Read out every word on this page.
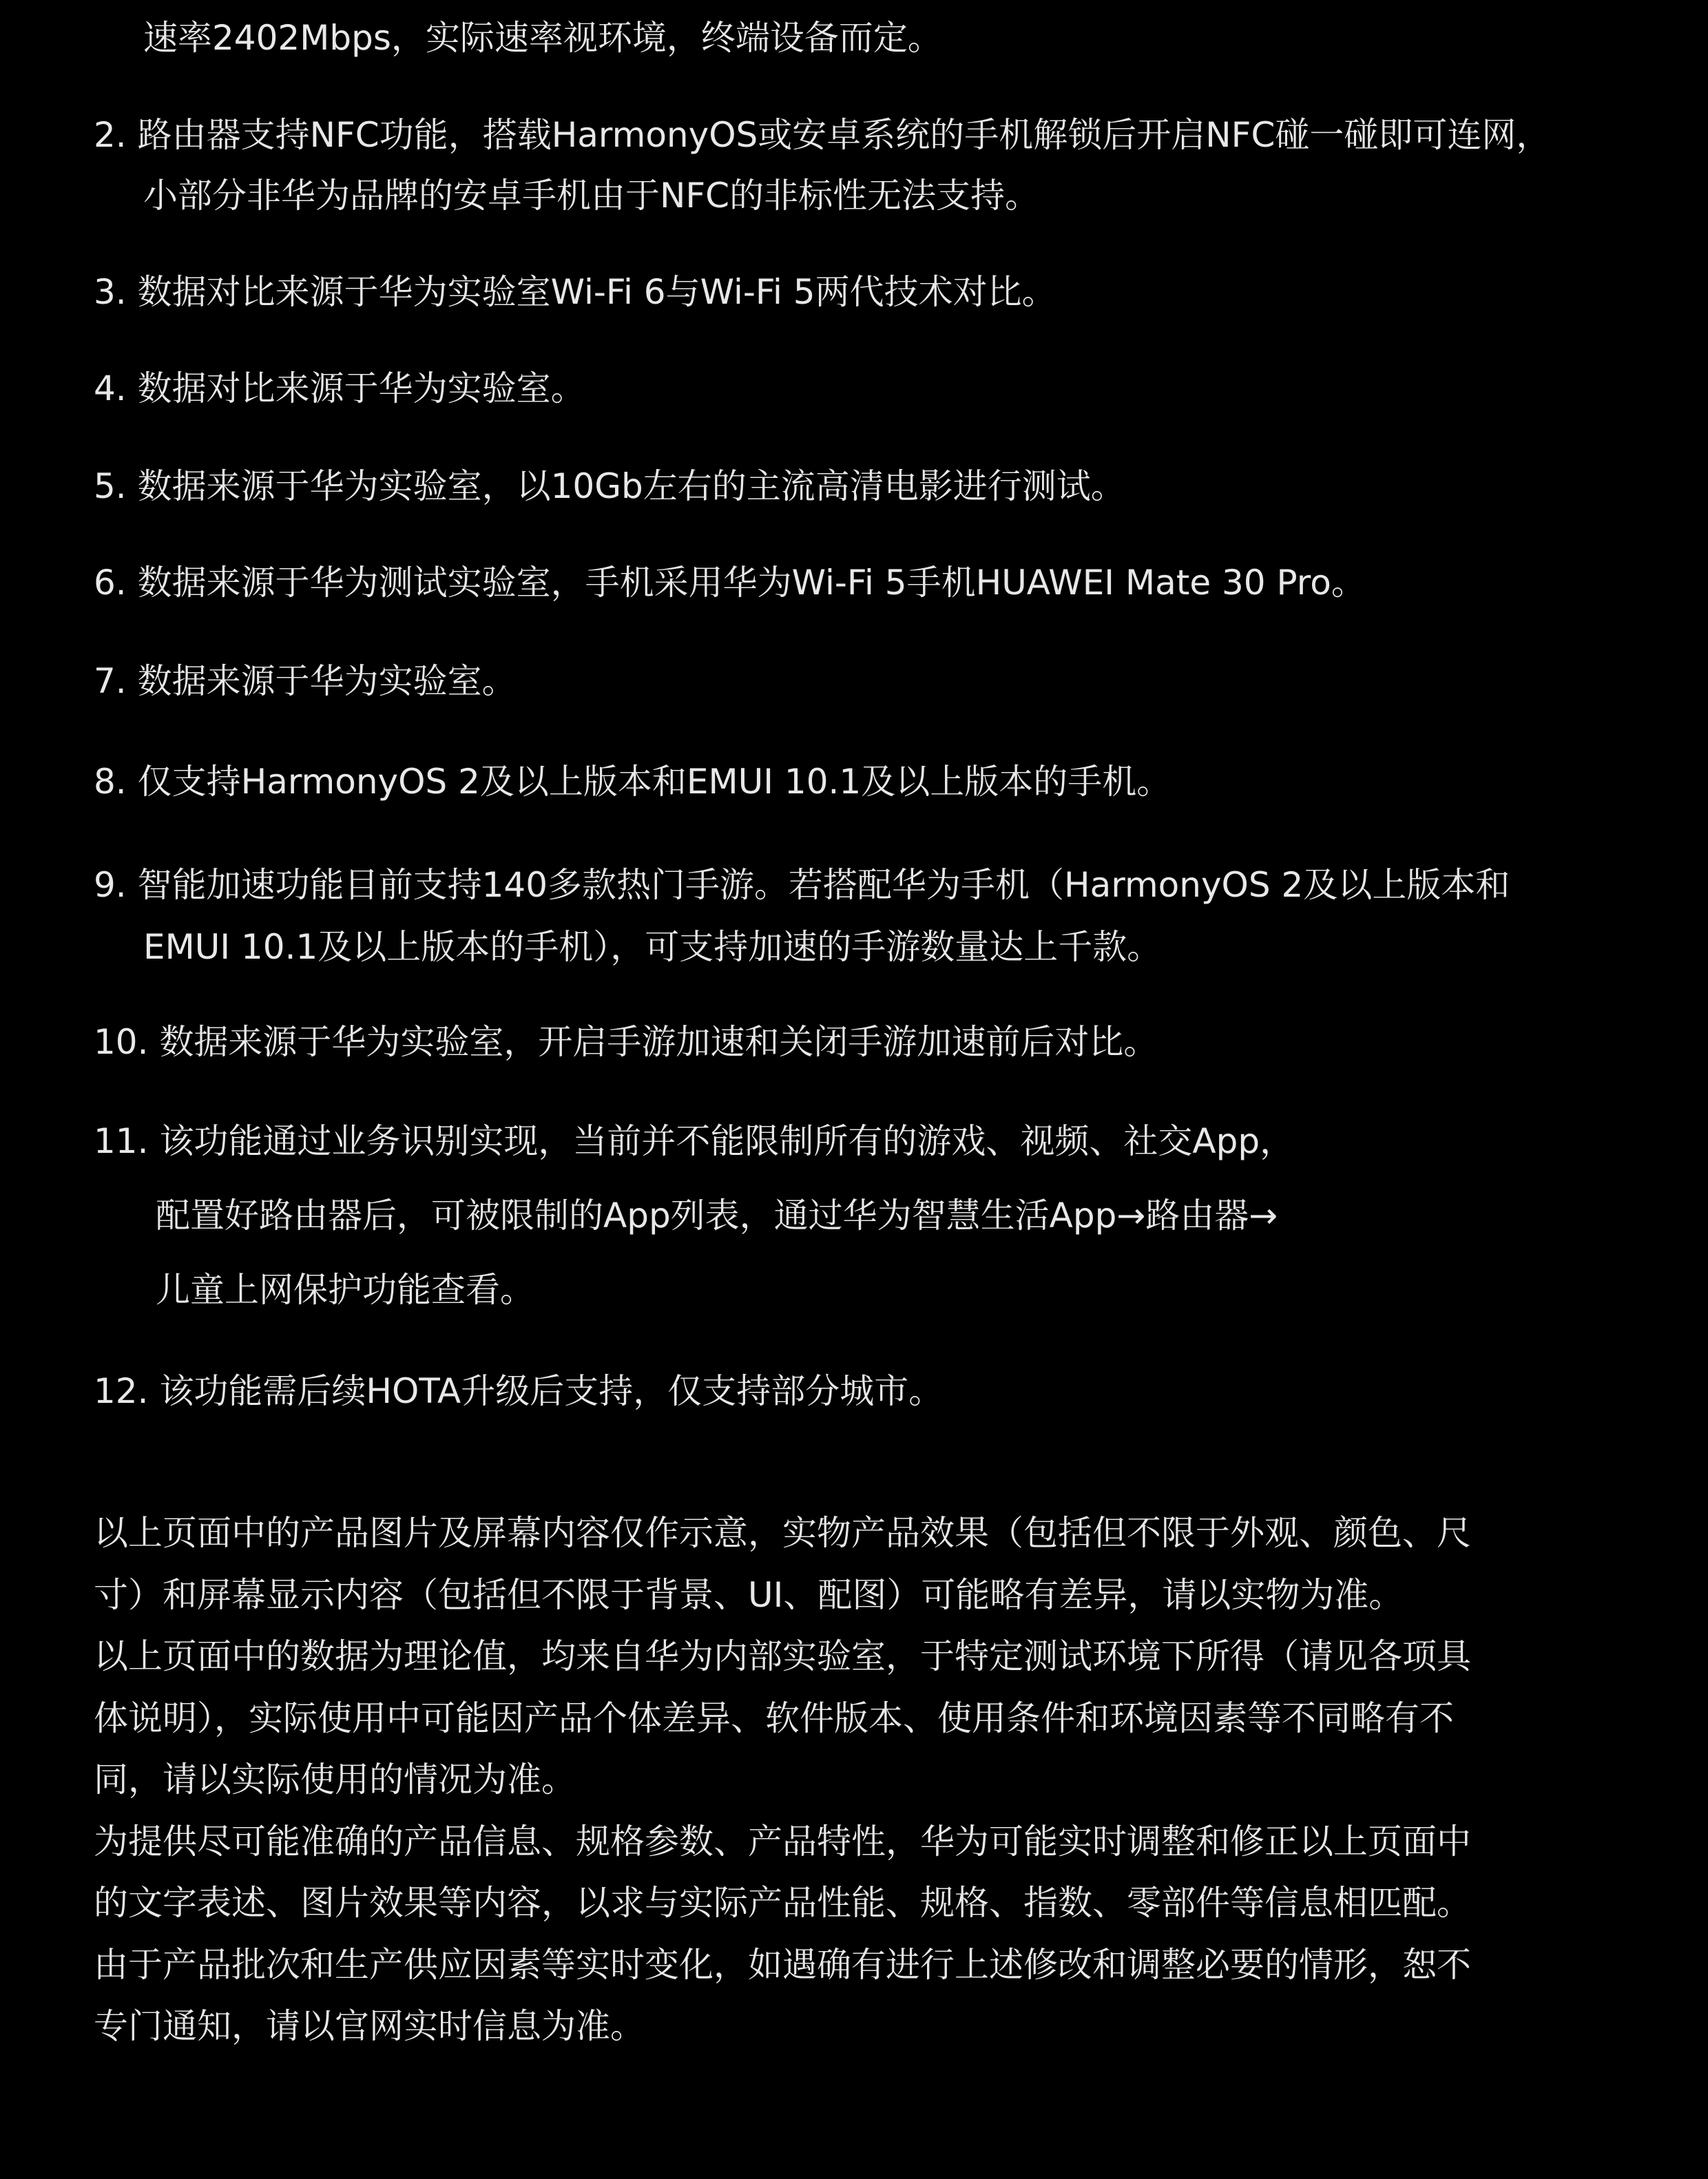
速率2402Mbps，实际速率视环境，终端设备而定。
2. 路由器支持NFC功能，搭载HarmonyOS或安卓系统的手机解锁后开启NFC碰一碰即可连网，
小部分非华为品牌的安卓手机由于NFC的非标性无法支持。
3. 数据对比来源于华为实验室Wi-Fi 6与Wi-Fi 5两代技术对比。
4. 数据对比来源于华为实验室。
5. 数据来源于华为实验室，以10Gb左右的主流高清电影进行测试。
6. 数据来源于华为测试实验室，手机采用华为Wi-Fi 5手机HUAWEI Mate 30 Pro。
7. 数据来源于华为实验室。
8. 仅支持HarmonyOS 2及以上版本和EMUI 10.1及以上版本的手机。
9. 智能加速功能目前支持140多款热门手游。若搭配华为手机（HarmonyOS 2及以上版本和
EMUI 10.1及以上版本的手机），可支持加速的手游数量达上千款。
10. 数据来源于华为实验室，开启手游加速和关闭手游加速前后对比。
11. 该功能通过业务识别实现，当前并不能限制所有的游戏、视频、社交App，
配置好路由器后，可被限制的App列表，通过华为智慧生活App→路由器→
儿童上网保护功能查看。
12. 该功能需后续HOTA升级后支持，仅支持部分城市。
以上页面中的产品图片及屏幕内容仅作示意，实物产品效果（包括但不限于外观、颜色、尺
寸）和屏幕显示内容（包括但不限于背景、UI、配图）可能略有差异，请以实物为准。
以上页面中的数据为理论值，均来自华为内部实验室，于特定测试环境下所得（请见各项具
体说明），实际使用中可能因产品个体差异、软件版本、使用条件和环境因素等不同略有不
同，请以实际使用的情况为准。
为提供尽可能准确的产品信息、规格参数、产品特性，华为可能实时调整和修正以上页面中
的文字表述、图片效果等内容，以求与实际产品性能、规格、指数、零部件等信息相匹配。
由于产品批次和生产供应因素等实时变化，如遇确有进行上述修改和调整必要的情形，恕不
专门通知，请以官网实时信息为准。
